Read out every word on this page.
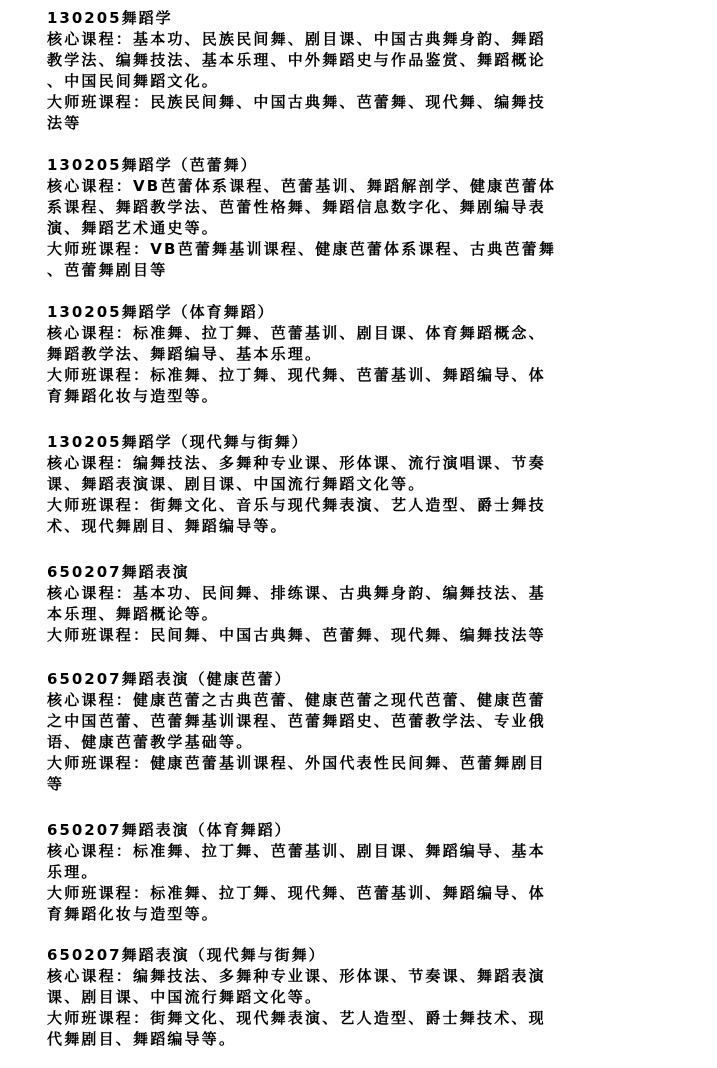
130205舞蹈学
核心课程：基本功、民族民间舞、剧目课、中国古典舞身韵、舞蹈
教学法、编舞技法、基本乐理、中外舞蹈史与作品鉴赏、舞蹈概论
、中国民间舞蹈文化。
大师班课程：民族民间舞、中国古典舞、芭蕾舞、现代舞、编舞技
法等
130205舞蹈学（芭蕾舞）
核心课程：VB芭蕾体系课程、芭蕾基训、舞蹈解剖学、健康芭蕾体
系课程、舞蹈教学法、芭蕾性格舞、舞蹈信息数字化、舞剧编导表
演、舞蹈艺术通史等。
大师班课程：VB芭蕾舞基训课程、健康芭蕾体系课程、古典芭蕾舞
、芭蕾舞剧目等
130205舞蹈学（体育舞蹈）
核心课程：标准舞、拉丁舞、芭蕾基训、剧目课、体育舞蹈概念、
舞蹈教学法、舞蹈编导、基本乐理。
大师班课程：标准舞、拉丁舞、现代舞、芭蕾基训、舞蹈编导、体
育舞蹈化妆与造型等。
130205舞蹈学（现代舞与街舞）
核心课程：编舞技法、多舞种专业课、形体课、流行演唱课、节奏
课、舞蹈表演课、剧目课、中国流行舞蹈文化等。
大师班课程：街舞文化、音乐与现代舞表演、艺人造型、爵士舞技
术、现代舞剧目、舞蹈编导等。
650207舞蹈表演
核心课程：基本功、民间舞、排练课、古典舞身韵、编舞技法、基
本乐理、舞蹈概论等。
大师班课程：民间舞、中国古典舞、芭蕾舞、现代舞、编舞技法等
650207舞蹈表演（健康芭蕾）
核心课程：健康芭蕾之古典芭蕾、健康芭蕾之现代芭蕾、健康芭蕾
之中国芭蕾、芭蕾舞基训课程、芭蕾舞蹈史、芭蕾教学法、专业俄
语、健康芭蕾教学基础等。
大师班课程：健康芭蕾基训课程、外国代表性民间舞、芭蕾舞剧目
等
650207舞蹈表演（体育舞蹈）
核心课程：标准舞、拉丁舞、芭蕾基训、剧目课、舞蹈编导、基本
乐理。
大师班课程：标准舞、拉丁舞、现代舞、芭蕾基训、舞蹈编导、体
育舞蹈化妆与造型等。
650207舞蹈表演（现代舞与街舞）
核心课程：编舞技法、多舞种专业课、形体课、节奏课、舞蹈表演
课、剧目课、中国流行舞蹈文化等。
大师班课程：街舞文化、现代舞表演、艺人造型、爵士舞技术、现
代舞剧目、舞蹈编导等。
